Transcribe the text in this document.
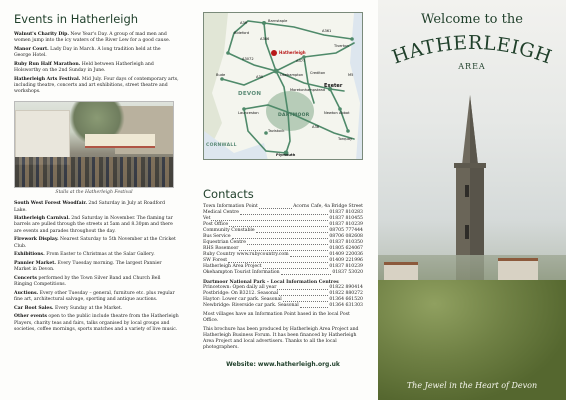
Events in Hatherleigh
Walnut's Charity Dip. New Year's Day. A group of mad men and women jump into the icy waters of the River Lew for a good cause.
Manor Court. Lady Day in March. A long tradition held at the George Hotel.
Ruby Run Half Marathon. Held between Hatherleigh and Holsworthy on the 2nd Sunday in June.
Hatherleigh Arts Festival. Mid July. Four days of contemporary arts, including theatre, concerts and art exhibitions, street theatre and workshops.
Stalls at the Hatherleigh Festival
South West Forest Woodfair. 2nd Saturday in July at Roadford Lake.
Hatherleigh Carnival. 2nd Saturday in November. The flaming tar barrels are pulled through the streets at 5am and 8.30pm and there are events and parades throughout the day.
Firework Display. Nearest Saturday to 5th November at the Cricket Club.
Exhibitions. From Easter to Christmas at the Salar Gallery.
Pannier Market. Every Tuesday morning. The largest Pannier Market in Devon.
Concerts performed by the Town Silver Band and Church Bell Ringing Competitions.
Auctions. Every other Tuesday – general, furniture etc. plus regular fine art, architectural salvage, sporting and antique auctions.
Car Boot Sales. Every Sunday at the Market.
Other events open to the public include theatre from the Hatherleigh Players, charity teas and fairs, talks organised by local groups and societies, coffee mornings, sports matches and a variety of live music.
Barnstaple
Bideford
Tiverton
M5
Bude
Hatherleigh
Okehampton
Exeter
Launceston
Tavistock
Plymouth
Torquay
Newton Abbot
Crediton
Moretonhampstead
A30
A386
A3072	A377
A39
A38
A361
DEVON
CORNWALL
DARTMOOR
Contacts
Town Information Point	Acorns Cafe, 4a Bridge Street
Medical Centre	01837 810283
Vet	01837 810455
Post Office	01837 810239
Community Constable	08705 777444
Bus Service	08706 082608
Equestrian Centre	01837 810350
RHS Rosemoor	01805 624067
Ruby Country www.rubycountry.com	01409 220036
SW Forest	01409 221996
Hatherleigh Area Project	01837 810239
Okehampton Tourist Information	01837 53020
Dartmoor National Park – Local Information Centres
Princetown: Open daily all year	01822 890414
Postbridge: On B3212. Seasonal	01822 880272
Haytor: Lower car park. Seasonal	01364 661520
Newbridge: Riverside car park. Seasonal	01364 631303
Most villages have an Information Point based in the local Post Office.
This brochure has been produced by Hatherleigh Area Project and Hatherleigh Business Forum. It has been financed by Hatherleigh Area Project and local advertisers. Thanks to all the local photographers.
Website: www.hatherleigh.org.uk
Welcome to the
HATHERLEIGH
AREA
The Jewel in the Heart of Devon
